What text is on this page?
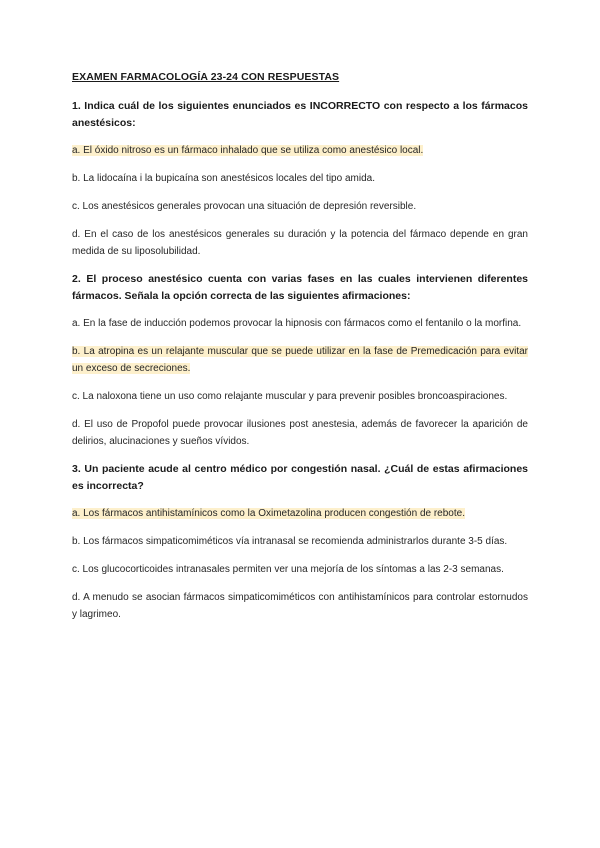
EXAMEN FARMACOLOGÍA 23-24 CON RESPUESTAS
1. Indica cuál de los siguientes enunciados es INCORRECTO con respecto a los fármacos anestésicos:
a. El óxido nitroso es un fármaco inhalado que se utiliza como anestésico local.
b. La lidocaína i la bupicaína son anestésicos locales del tipo amida.
c. Los anestésicos generales provocan una situación de depresión reversible.
d. En el caso de los anestésicos generales su duración y la potencia del fármaco depende en gran medida de su liposolubilidad.
2. El proceso anestésico cuenta con varias fases en las cuales intervienen diferentes fármacos. Señala la opción correcta de las siguientes afirmaciones:
a. En la fase de inducción podemos provocar la hipnosis con fármacos como el fentanilo o la morfina.
b. La atropina es un relajante muscular que se puede utilizar en la fase de Premedicación para evitar un exceso de secreciones.
c. La naloxona tiene un uso como relajante muscular y para prevenir posibles broncoaspiraciones.
d. El uso de Propofol puede provocar ilusiones post anestesia, además de favorecer la aparición de delirios, alucinaciones y sueños vívidos.
3. Un paciente acude al centro médico por congestión nasal. ¿Cuál de estas afirmaciones es incorrecta?
a. Los fármacos antihistamínicos como la Oximetazolina producen congestión de rebote.
b. Los fármacos simpaticomiméticos vía intranasal se recomienda administrarlos durante 3-5 días.
c. Los glucocorticoides intranasales permiten ver una mejoría de los síntomas a las 2-3 semanas.
d. A menudo se asocian fármacos simpaticomiméticos con antihistamínicos para controlar estornudos y lagrimeo.
